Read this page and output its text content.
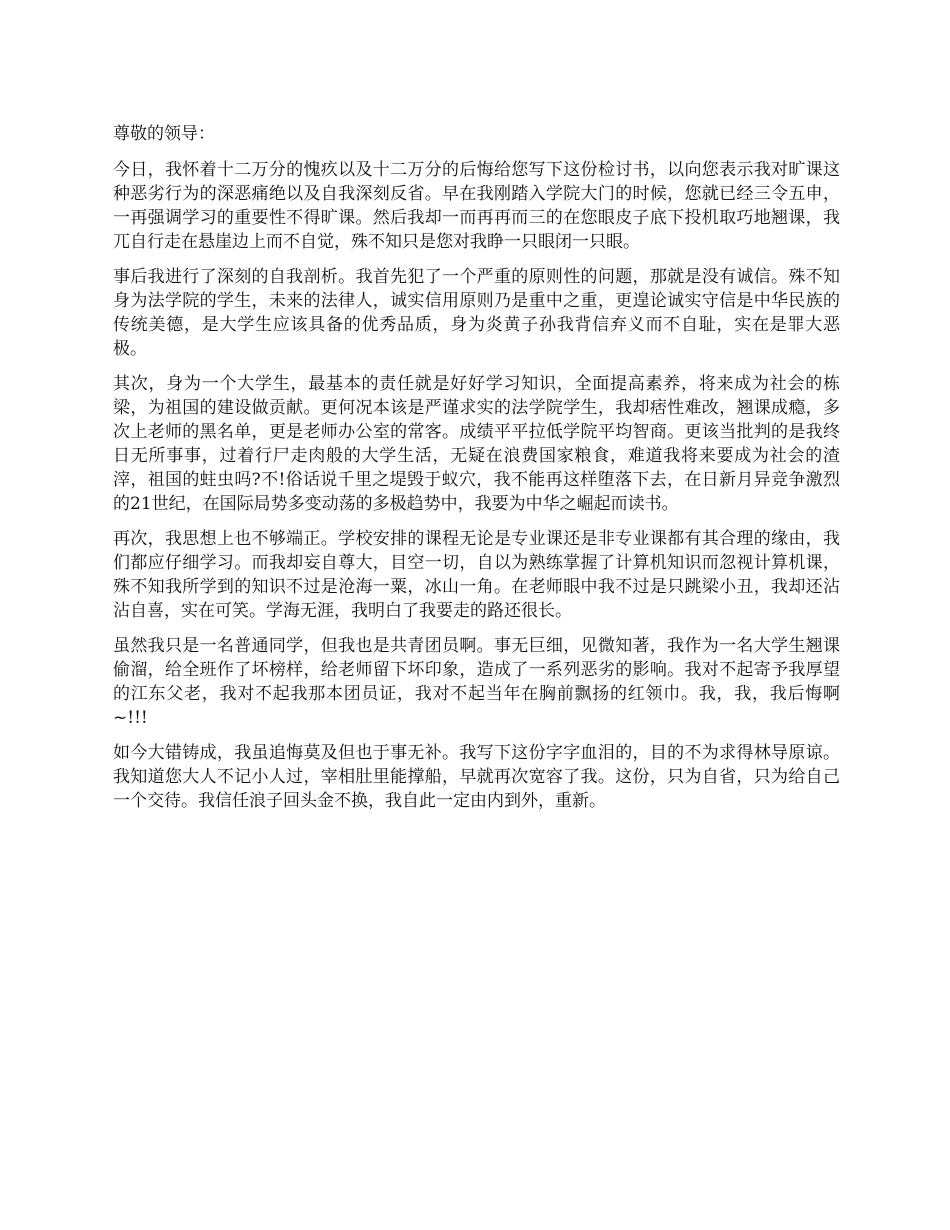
尊敬的领导：

今日，我怀着十二万分的愧疚以及十二万分的后悔给您写下这份检讨书，以向您表示我对旷课这种恶劣行为的深恶痛绝以及自我深刻反省。早在我刚踏入学院大门的时候，您就已经三令五申，一再强调学习的重要性不得旷课。然后我却一而再再而三的在您眼皮子底下投机取巧地翘课，我兀自行走在悬崖边上而不自觉，殊不知只是您对我睁一只眼闭一只眼。

事后我进行了深刻的自我剖析。我首先犯了一个严重的原则性的问题，那就是没有诚信。殊不知身为法学院的学生，未来的法律人，诚实信用原则乃是重中之重，更遑论诚实守信是中华民族的传统美德，是大学生应该具备的优秀品质，身为炎黄子孙我背信弃义而不自耻，实在是罪大恶极。

其次，身为一个大学生，最基本的责任就是好好学习知识，全面提高素养，将来成为社会的栋梁，为祖国的建设做贡献。更何况本该是严谨求实的法学院学生，我却痞性难改，翘课成瘾，多次上老师的黑名单，更是老师办公室的常客。成绩平平拉低学院平均智商。更该当批判的是我终日无所事事，过着行尸走肉般的大学生活，无疑在浪费国家粮食，难道我将来要成为社会的渣滓，祖国的蛀虫吗?不!俗话说千里之堤毁于蚁穴，我不能再这样堕落下去，在日新月异竞争激烈的21世纪，在国际局势多变动荡的多极趋势中，我要为中华之崛起而读书。

再次，我思想上也不够端正。学校安排的课程无论是专业课还是非专业课都有其合理的缘由，我们都应仔细学习。而我却妄自尊大，目空一切，自以为熟练掌握了计算机知识而忽视计算机课，殊不知我所学到的知识不过是沧海一粟，冰山一角。在老师眼中我不过是只跳梁小丑，我却还沾沾自喜，实在可笑。学海无涯，我明白了我要走的路还很长。

虽然我只是一名普通同学，但我也是共青团员啊。事无巨细，见微知著，我作为一名大学生翘课偷溜，给全班作了坏榜样，给老师留下坏印象，造成了一系列恶劣的影响。我对不起寄予我厚望的江东父老，我对不起我那本团员证，我对不起当年在胸前飘扬的红领巾。我，我，我后悔啊~!!!

如今大错铸成，我虽追悔莫及但也于事无补。我写下这份字字血泪的，目的不为求得林导原谅。我知道您大人不记小人过，宰相肚里能撑船，早就再次宽容了我。这份，只为自省，只为给自己一个交待。我信任浪子回头金不换，我自此一定由内到外，重新。
